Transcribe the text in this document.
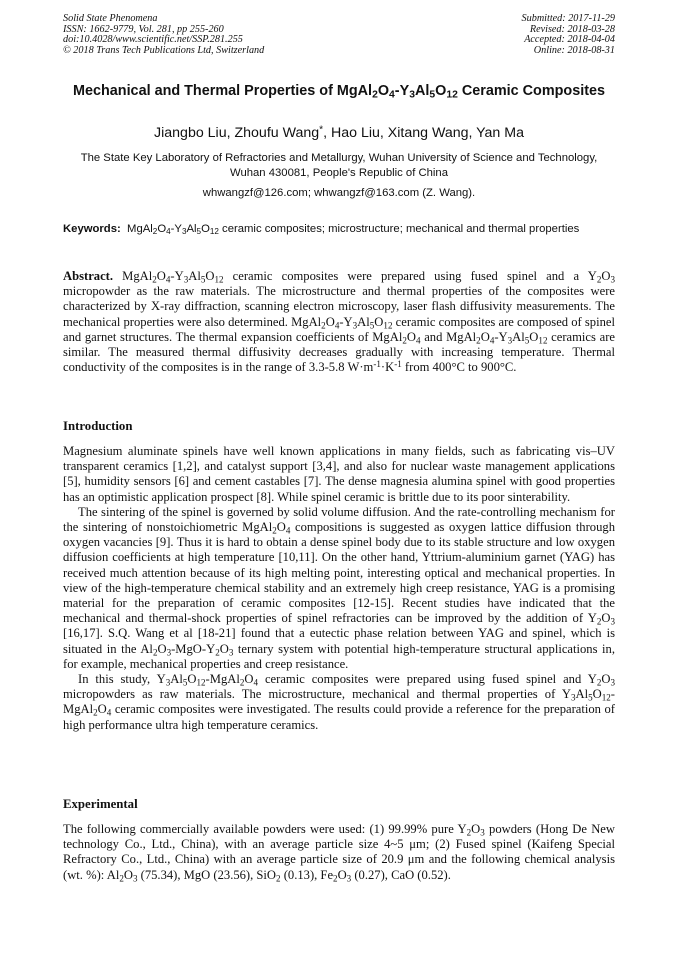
Solid State Phenomena
ISSN: 1662-9779, Vol. 281, pp 255-260
doi:10.4028/www.scientific.net/SSP.281.255
© 2018 Trans Tech Publications Ltd, Switzerland
Submitted: 2017-11-29
Revised: 2018-03-28
Accepted: 2018-04-04
Online: 2018-08-31
Mechanical and Thermal Properties of $MgAl_2O_4-Y_3Al_5O_{12}$ Ceramic Composites
Jiangbo Liu, Zhoufu Wang*, Hao Liu, Xitang Wang, Yan Ma
The State Key Laboratory of Refractories and Metallurgy, Wuhan University of Science and Technology, Wuhan 430081, People's Republic of China
whwangzf@126.com; whwangzf@163.com (Z. Wang).
Keywords: $MgAl_2O_4-Y_3Al_5O_{12}$ ceramic composites; microstructure; mechanical and thermal properties
Abstract. $MgAl_2O_4-Y_3Al_5O_{12}$ ceramic composites were prepared using fused spinel and a $Y_2O_3$ micropowder as the raw materials. The microstructure and thermal properties of the composites were characterized by X-ray diffraction, scanning electron microscopy, laser flash diffusivity measurements. The mechanical properties were also determined. $MgAl_2O_4-Y_3Al_5O_{12}$ ceramic composites are composed of spinel and garnet structures. The thermal expansion coefficients of $MgAl_2O_4$ and $MgAl_2O_4-Y_3Al_5O_{12}$ ceramics are similar. The measured thermal diffusivity decreases gradually with increasing temperature. Thermal conductivity of the composites is in the range of 3.3-5.8 $W\cdot m^{-1}\cdot K^{-1}$ from 400°C to 900°C.
Introduction

Magnesium aluminate spinels have well known applications in many fields, such as fabricating vis–UV transparent ceramics [1,2], and catalyst support [3,4], and also for nuclear waste management applications [5], humidity sensors [6] and cement castables [7]. The dense magnesia alumina spinel with good properties has an optimistic application prospect [8]. While spinel ceramic is brittle due to its poor sinterability.

The sintering of the spinel is governed by solid volume diffusion. And the rate-controlling mechanism for the sintering of nonstoichiometric $MgAl_2O_4$ compositions is suggested as oxygen lattice diffusion through oxygen vacancies [9]. Thus it is hard to obtain a dense spinel body due to its stable structure and low oxygen diffusion coefficients at high temperature [10,11]. On the other hand, Yttrium-aluminium garnet (YAG) has received much attention because of its high melting point, interesting optical and mechanical properties. In view of the high-temperature chemical stability and an extremely high creep resistance, YAG is a promising material for the preparation of ceramic composites [12-15]. Recent studies have indicated that the mechanical and thermal-shock properties of spinel refractories can be improved by the addition of $Y_2O_3$ [16,17]. S.Q. Wang et al [18-21] found that a eutectic phase relation between YAG and spinel, which is situated in the $Al_2O_3-MgO-Y_2O_3$ ternary system with potential high-temperature structural applications in, for example, mechanical properties and creep resistance.

In this study, $Y_3Al_5O_{12}-MgAl_2O_4$ ceramic composites were prepared using fused spinel and $Y_2O_3$ micropowders as raw materials. The microstructure, mechanical and thermal properties of $Y_3Al_5O_{12}-MgAl_2O_4$ ceramic composites were investigated. The results could provide a reference for the preparation of high performance ultra high temperature ceramics.

Experimental

The following commercially available powders were used: (1) 99.99% pure $Y_2O_3$ powders (Hong De New technology Co., Ltd., China), with an average particle size 4~5 μm; (2) Fused spinel (Kaifeng Special Refractory Co., Ltd., China) with an average particle size of 20.9 μm and the following chemical analysis (wt. %): $Al_2O_3$ (75.34), MgO (23.56), SiO$_2$ (0.13), $Fe_2O_3$ (0.27), CaO (0.52).
